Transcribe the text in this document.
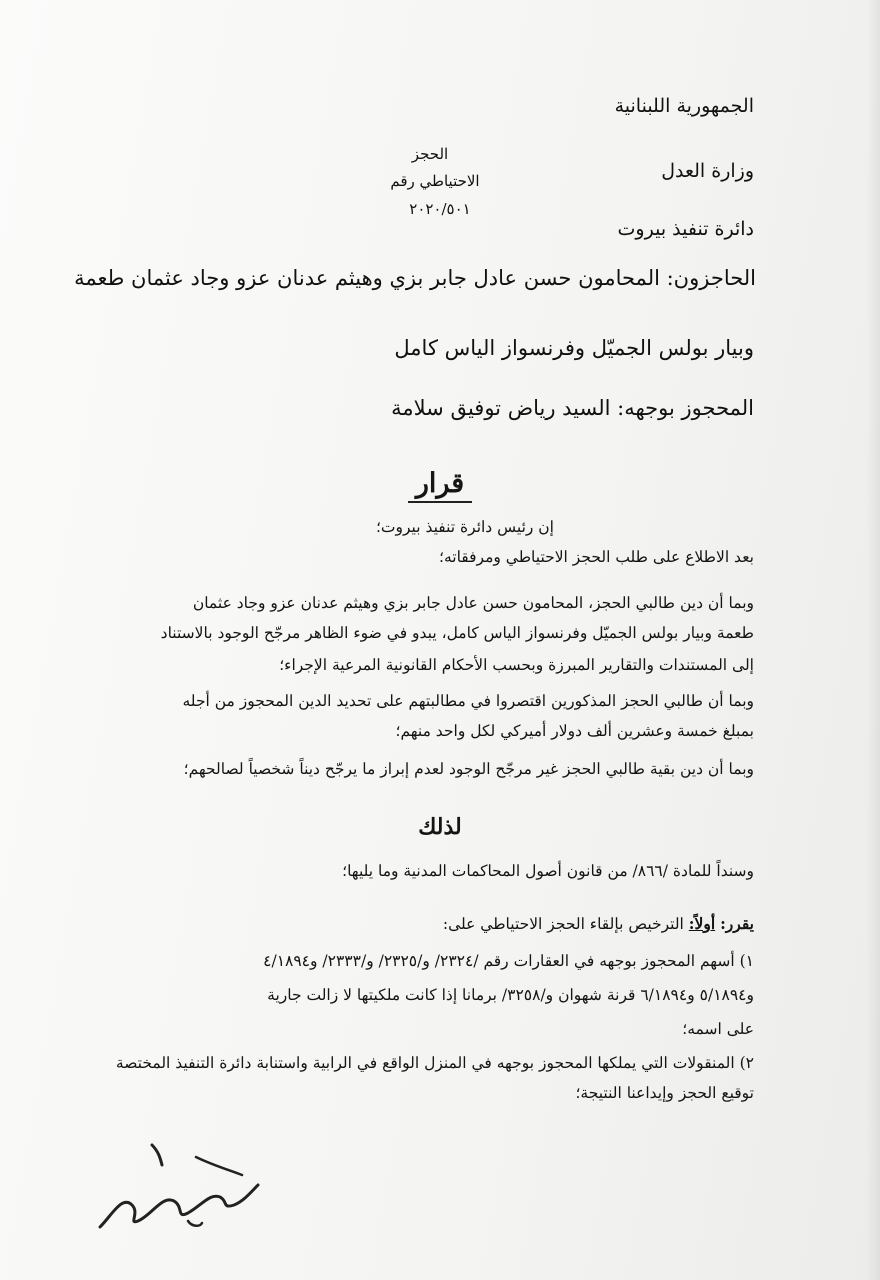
الجمهورية اللبنانية
وزارة العدل
دائرة تنفيذ بيروت
الحجز
الاحتياطي رقم
٢٠٢٠/٥٠١
الحاجزون: المحامون حسن عادل جابر بزي وهيثم عدنان عزو وجاد عثمان طعمة
وبيار بولس الجميّل وفرنسواز الياس كامل
المحجوز بوجهه: السيد رياض توفيق سلامة
قرار
إن رئيس دائرة تنفيذ بيروت؛
بعد الاطلاع على طلب الحجز الاحتياطي ومرفقاته؛
وبما أن دين طالبي الحجز، المحامون حسن عادل جابر بزي وهيثم عدنان عزو وجاد عثمان
طعمة وبيار بولس الجميّل وفرنسواز الياس كامل، يبدو في ضوء الظاهر مرجّح الوجود بالاستناد
إلى المستندات والتقارير المبرزة وبحسب الأحكام القانونية المرعية الإجراء؛
وبما أن طالبي الحجز المذكورين اقتصروا في مطالبتهم على تحديد الدين المحجوز من أجله
بمبلغ خمسة وعشرين ألف دولار أميركي لكل واحد منهم؛
وبما أن دين بقية طالبي الحجز غير مرجّح الوجود لعدم إبراز ما يرجّح ديناً شخصياً لصالحهم؛
لذلك
وسنداً للمادة /٨٦٦/ من قانون أصول المحاكمات المدنية وما يليها؛
يقرر: أولاً: الترخيص بإلقاء الحجز الاحتياطي على:
١) أسهم المحجوز بوجهه في العقارات رقم /٢٣٢٤/ و/٢٣٢٥/ و/٢٣٣٣/ و٤/١٨٩٤
و٥/١٨٩٤ و٦/١٨٩٤ قرنة شهوان و/٣٢٥٨/ برمانا إذا كانت ملكيتها لا زالت جارية
على اسمه؛
٢) المنقولات التي يملكها المحجوز بوجهه في المنزل الواقع في الرابية واستنابة دائرة التنفيذ المختصة
توقيع الحجز وإيداعنا النتيجة؛
